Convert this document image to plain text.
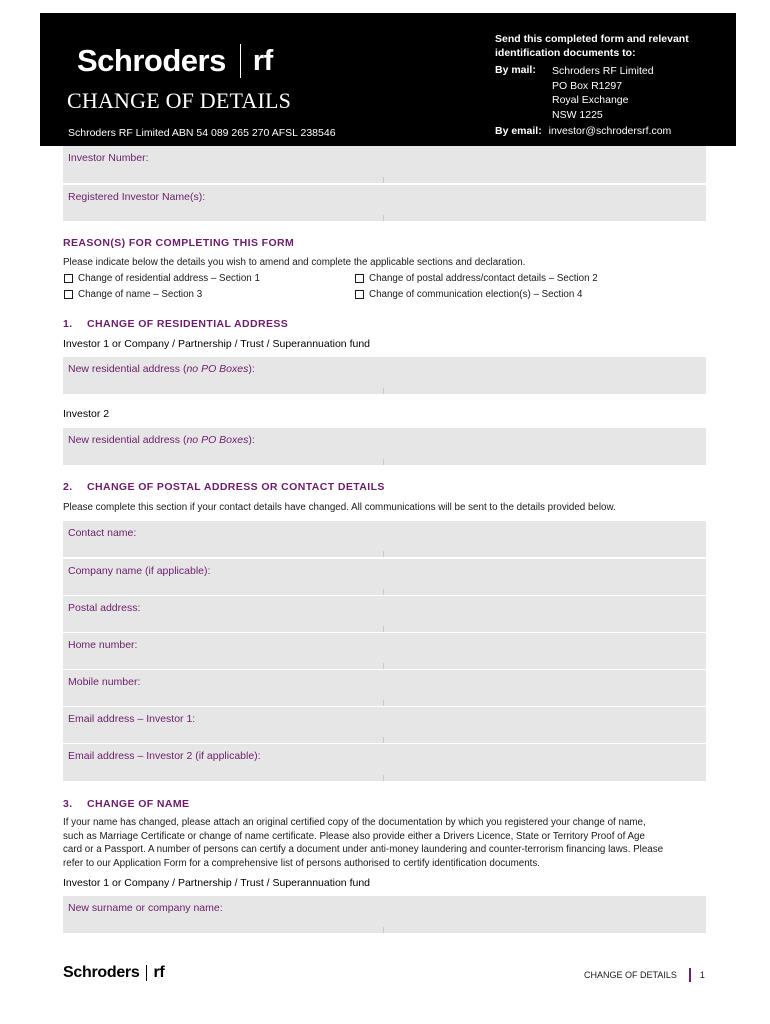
Schroders rf
CHANGE OF DETAILS
Schroders RF Limited ABN 54 089 265 270 AFSL 238546
Send this completed form and relevant identification documents to:
By mail: Schroders RF Limited
PO Box R1297
Royal Exchange
NSW 1225
By email: investor@schrodersrf.com
Investor Number:
Registered Investor Name(s):
REASON(S) FOR COMPLETING THIS FORM
Please indicate below the details you wish to amend and complete the applicable sections and declaration.
Change of residential address – Section 1	Change of postal address/contact details – Section 2
Change of name – Section 3	Change of communication election(s) – Section 4
1. CHANGE OF RESIDENTIAL ADDRESS
Investor 1 or Company / Partnership / Trust / Superannuation fund
New residential address (no PO Boxes):
Investor 2
New residential address (no PO Boxes):
2. CHANGE OF POSTAL ADDRESS OR CONTACT DETAILS
Please complete this section if your contact details have changed. All communications will be sent to the details provided below.
Contact name:
Company name (if applicable):
Postal address:
Home number:
Mobile number:
Email address – Investor 1:
Email address – Investor 2 (if applicable):
3. CHANGE OF NAME
If your name has changed, please attach an original certified copy of the documentation by which you registered your change of name,
such as Marriage Certificate or change of name certificate. Please also provide either a Drivers Licence, State or Territory Proof of Age
card or a Passport. A number of persons can certify a document under anti-money laundering and counter-terrorism financing laws. Please
refer to our Application Form for a comprehensive list of persons authorised to certify identification documents.
Investor 1 or Company / Partnership / Trust / Superannuation fund
New surname or company name:
Schroders rf	CHANGE OF DETAILS	1
